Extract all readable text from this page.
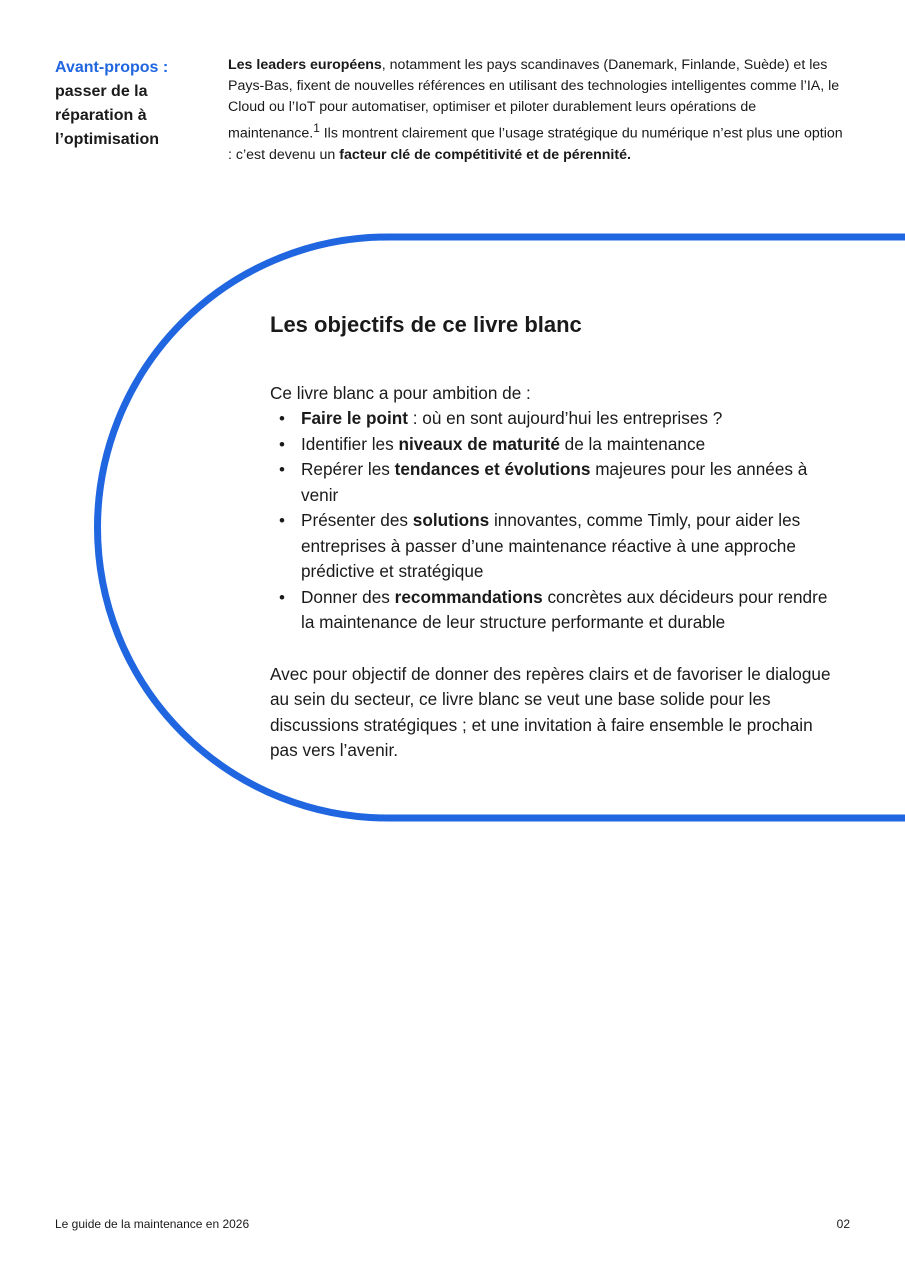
Avant-propos :
passer de la réparation à l’optimisation

Les leaders européens, notamment les pays scandinaves (Danemark, Finlande, Suède) et les Pays-Bas, fixent de nouvelles références en utilisant des technologies intelligentes comme l’IA, le Cloud ou l’IoT pour automatiser, optimiser et piloter durablement leurs opérations de maintenance.$^1$ Ils montrent clairement que l’usage stratégique du numérique n’est plus une option : c’est devenu un facteur clé de compétitivité et de pérennité.

Les objectifs de ce livre blanc

Ce livre blanc a pour ambition de :

• Faire le point : où en sont aujourd’hui les entreprises ?
• Identifier les niveaux de maturité de la maintenance
• Repérer les tendances et évolutions majeures pour les années à venir
• Présenter des solutions innovantes, comme Timly, pour aider les entreprises à passer d’une maintenance réactive à une approche prédictive et stratégique
• Donner des recommandations concrètes aux décideurs pour rendre la maintenance de leur structure performante et durable

Avec pour objectif de donner des repères clairs et de favoriser le dialogue au sein du secteur, ce livre blanc se veut une base solide pour les discussions stratégiques ; et une invitation à faire ensemble le prochain pas vers l’avenir.

Le guide de la maintenance en 2026	02
